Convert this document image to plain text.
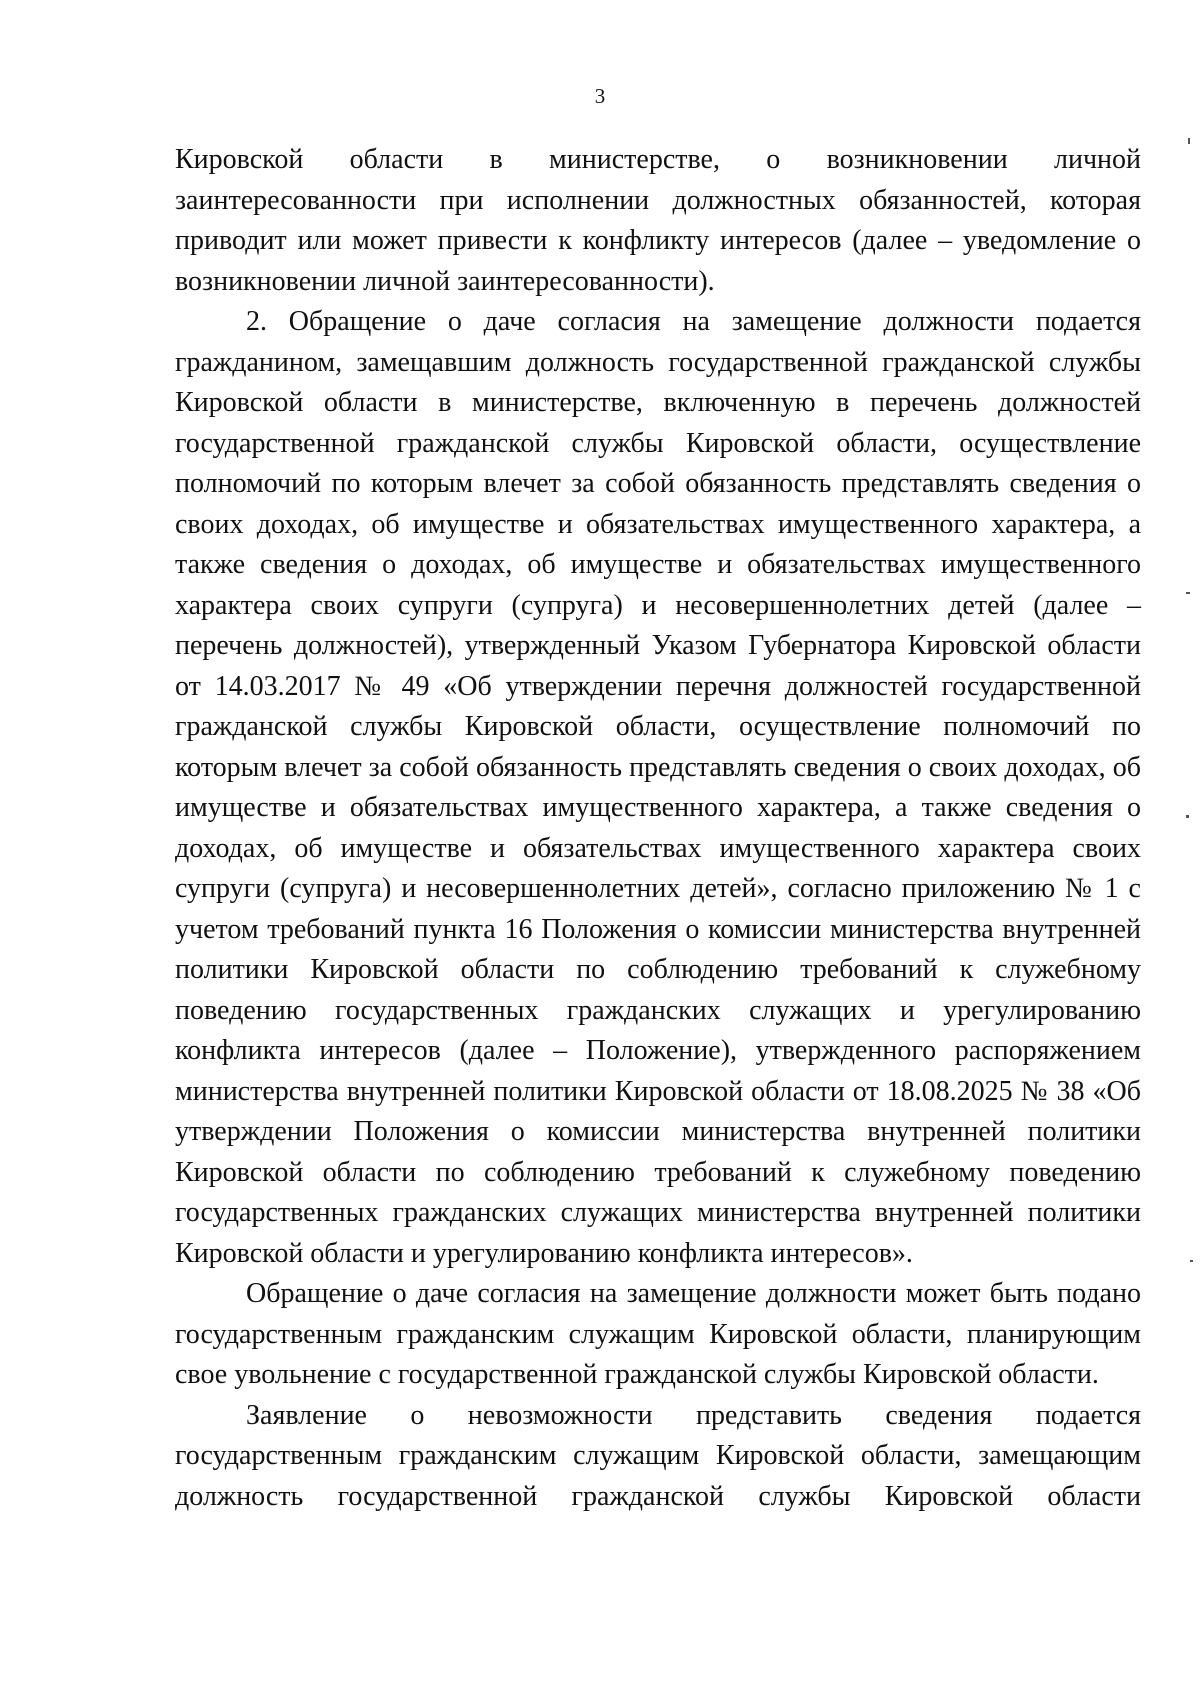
3

Кировской области в министерстве, о возникновении личной заинтересованности при исполнении должностных обязанностей, которая приводит или может привести к конфликту интересов (далее – уведомление о возникновении личной заинтересованности).

2. Обращение о даче согласия на замещение должности подается гражданином, замещавшим должность государственной гражданской службы Кировской области в министерстве, включенную в перечень должностей государственной гражданской службы Кировской области, осуществление полномочий по которым влечет за собой обязанность представлять сведения о своих доходах, об имуществе и обязательствах имущественного характера, а также сведения о доходах, об имуществе и обязательствах имущественного характера своих супруги (супруга) и несовершеннолетних детей (далее – перечень должностей), утвержденный Указом Губернатора Кировской области от 14.03.2017 № 49 «Об утверждении перечня должностей государственной гражданской службы Кировской области, осуществление полномочий по которым влечет за собой обязанность представлять сведения о своих доходах, об имуществе и обязательствах имущественного характера, а также сведения о доходах, об имуществе и обязательствах имущественного характера своих супруги (супруга) и несовершеннолетних детей», согласно приложению № 1 с учетом требований пункта 16 Положения о комиссии министерства внутренней политики Кировской области по соблюдению требований к служебному поведению государственных гражданских служащих и урегулированию конфликта интересов (далее – Положение), утвержденного распоряжением министерства внутренней политики Кировской области от 18.08.2025 № 38 «Об утверждении Положения о комиссии министерства внутренней политики Кировской области по соблюдению требований к служебному поведению государственных гражданских служащих министерства внутренней политики Кировской области и урегулированию конфликта интересов».

Обращение о даче согласия на замещение должности может быть подано государственным гражданским служащим Кировской области, планирующим свое увольнение с государственной гражданской службы Кировской области.

Заявление о невозможности представить сведения подается государственным гражданским служащим Кировской области, замещающим должность государственной гражданской службы Кировской области
